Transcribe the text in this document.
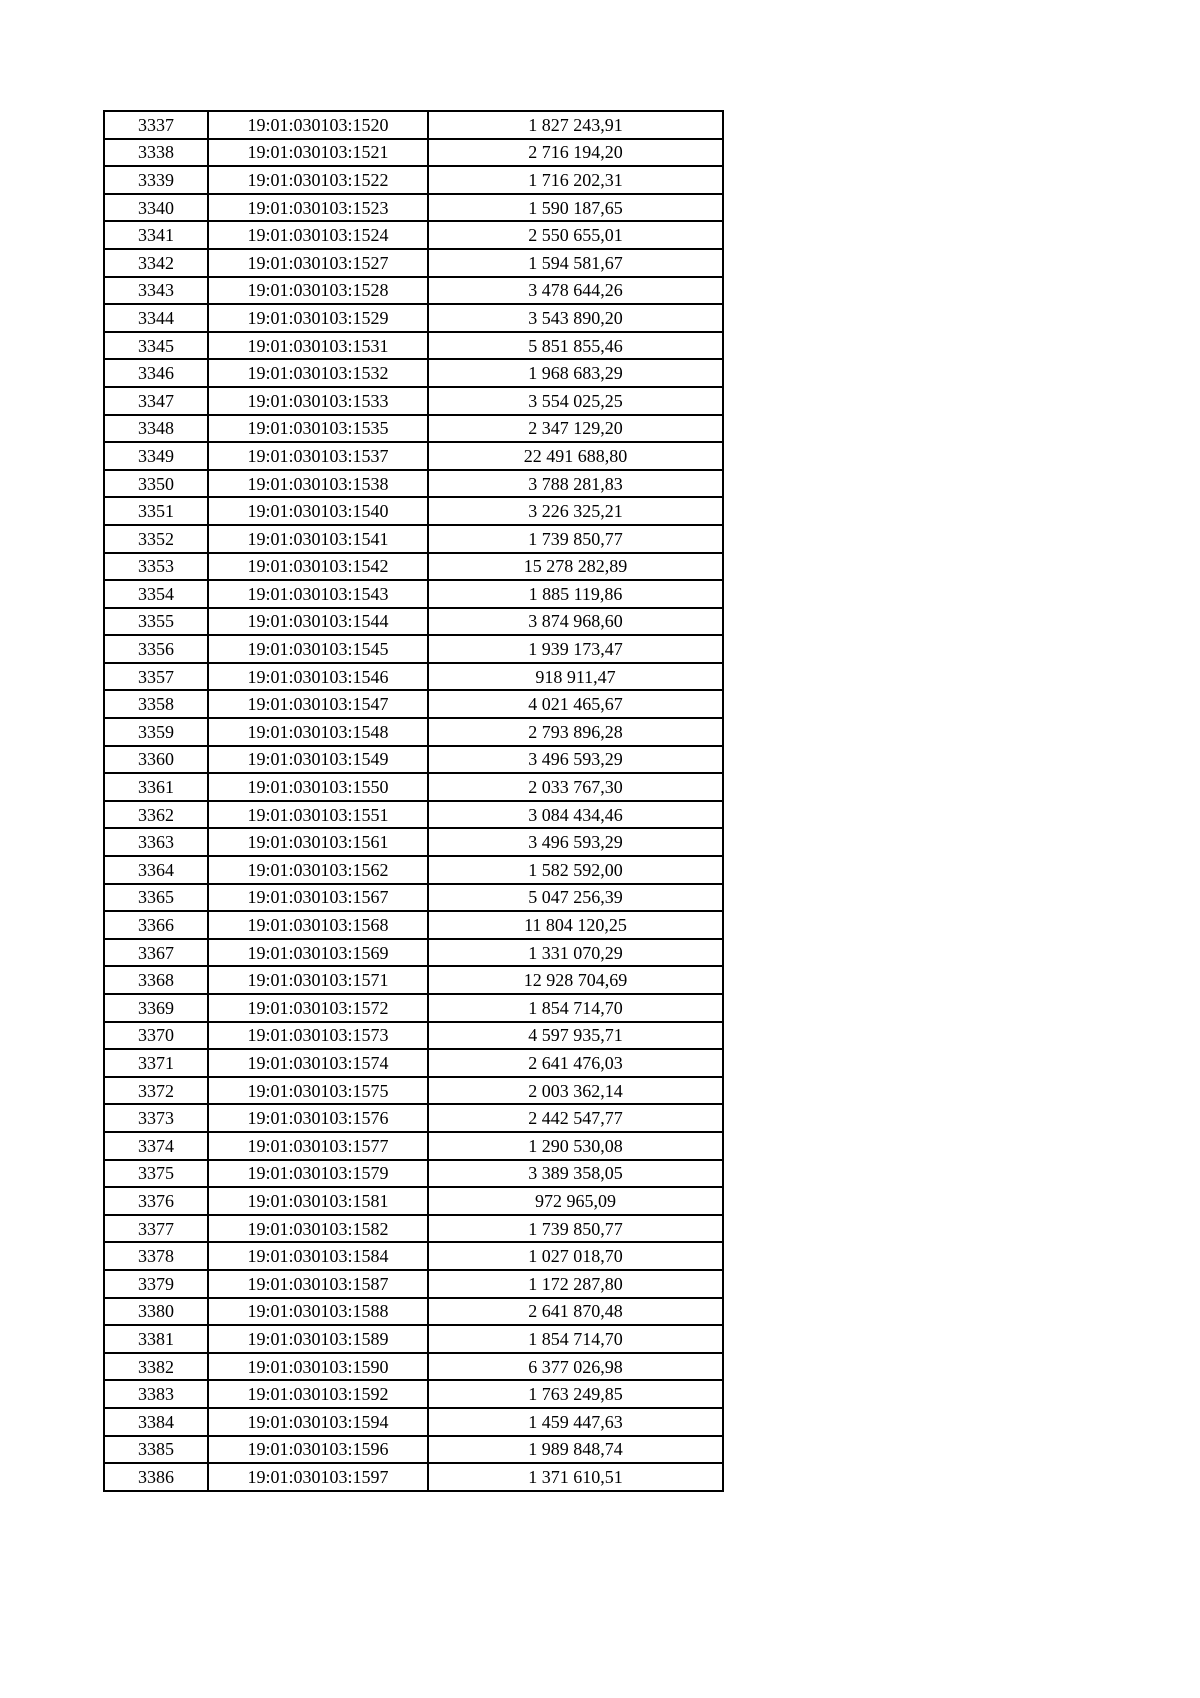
3337	19:01:030103:1520	1 827 243,91
3338	19:01:030103:1521	2 716 194,20
3339	19:01:030103:1522	1 716 202,31
3340	19:01:030103:1523	1 590 187,65
3341	19:01:030103:1524	2 550 655,01
3342	19:01:030103:1527	1 594 581,67
3343	19:01:030103:1528	3 478 644,26
3344	19:01:030103:1529	3 543 890,20
3345	19:01:030103:1531	5 851 855,46
3346	19:01:030103:1532	1 968 683,29
3347	19:01:030103:1533	3 554 025,25
3348	19:01:030103:1535	2 347 129,20
3349	19:01:030103:1537	22 491 688,80
3350	19:01:030103:1538	3 788 281,83
3351	19:01:030103:1540	3 226 325,21
3352	19:01:030103:1541	1 739 850,77
3353	19:01:030103:1542	15 278 282,89
3354	19:01:030103:1543	1 885 119,86
3355	19:01:030103:1544	3 874 968,60
3356	19:01:030103:1545	1 939 173,47
3357	19:01:030103:1546	918 911,47
3358	19:01:030103:1547	4 021 465,67
3359	19:01:030103:1548	2 793 896,28
3360	19:01:030103:1549	3 496 593,29
3361	19:01:030103:1550	2 033 767,30
3362	19:01:030103:1551	3 084 434,46
3363	19:01:030103:1561	3 496 593,29
3364	19:01:030103:1562	1 582 592,00
3365	19:01:030103:1567	5 047 256,39
3366	19:01:030103:1568	11 804 120,25
3367	19:01:030103:1569	1 331 070,29
3368	19:01:030103:1571	12 928 704,69
3369	19:01:030103:1572	1 854 714,70
3370	19:01:030103:1573	4 597 935,71
3371	19:01:030103:1574	2 641 476,03
3372	19:01:030103:1575	2 003 362,14
3373	19:01:030103:1576	2 442 547,77
3374	19:01:030103:1577	1 290 530,08
3375	19:01:030103:1579	3 389 358,05
3376	19:01:030103:1581	972 965,09
3377	19:01:030103:1582	1 739 850,77
3378	19:01:030103:1584	1 027 018,70
3379	19:01:030103:1587	1 172 287,80
3380	19:01:030103:1588	2 641 870,48
3381	19:01:030103:1589	1 854 714,70
3382	19:01:030103:1590	6 377 026,98
3383	19:01:030103:1592	1 763 249,85
3384	19:01:030103:1594	1 459 447,63
3385	19:01:030103:1596	1 989 848,74
3386	19:01:030103:1597	1 371 610,51
